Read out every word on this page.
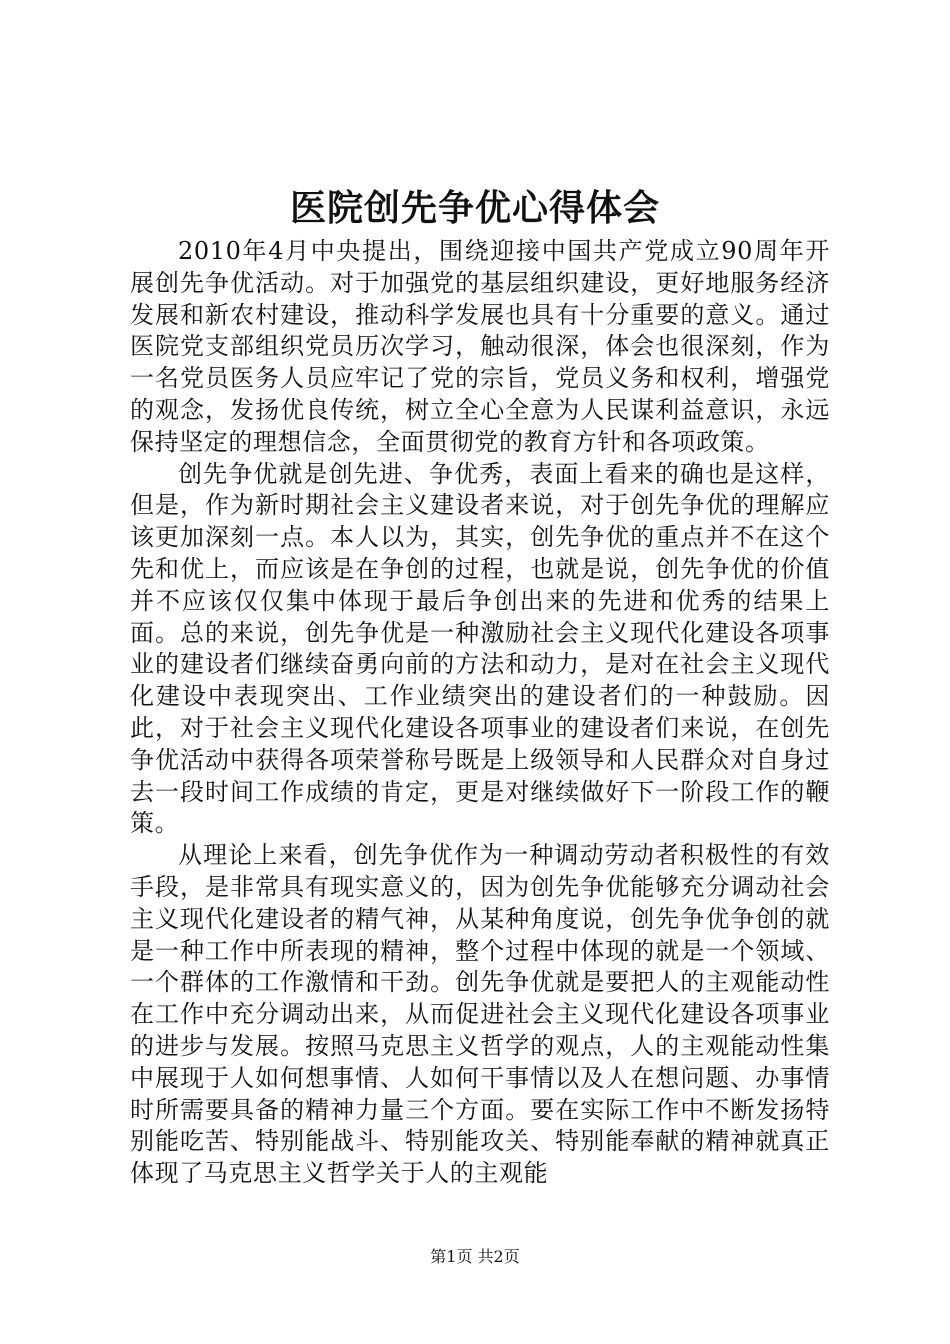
医院创先争优心得体会

2010年4月中央提出，围绕迎接中国共产党成立90周年开展创先争优活动。对于加强党的基层组织建设，更好地服务经济发展和新农村建设，推动科学发展也具有十分重要的意义。通过医院党支部组织党员历次学习，触动很深，体会也很深刻，作为一名党员医务人员应牢记了党的宗旨，党员义务和权利，增强党的观念，发扬优良传统，树立全心全意为人民谋利益意识，永远保持坚定的理想信念，全面贯彻党的教育方针和各项政策。

创先争优就是创先进、争优秀，表面上看来的确也是这样，但是，作为新时期社会主义建设者来说，对于创先争优的理解应该更加深刻一点。本人以为，其实，创先争优的重点并不在这个先和优上，而应该是在争创的过程，也就是说，创先争优的价值并不应该仅仅集中体现于最后争创出来的先进和优秀的结果上面。总的来说，创先争优是一种激励社会主义现代化建设各项事业的建设者们继续奋勇向前的方法和动力，是对在社会主义现代化建设中表现突出、工作业绩突出的建设者们的一种鼓励。因此，对于社会主义现代化建设各项事业的建设者们来说，在创先争优活动中获得各项荣誉称号既是上级领导和人民群众对自身过去一段时间工作成绩的肯定，更是对继续做好下一阶段工作的鞭策。

从理论上来看，创先争优作为一种调动劳动者积极性的有效手段，是非常具有现实意义的，因为创先争优能够充分调动社会主义现代化建设者的精气神，从某种角度说，创先争优争创的就是一种工作中所表现的精神，整个过程中体现的就是一个领域、一个群体的工作激情和干劲。创先争优就是要把人的主观能动性在工作中充分调动出来，从而促进社会主义现代化建设各项事业的进步与发展。按照马克思主义哲学的观点，人的主观能动性集中展现于人如何想事情、人如何干事情以及人在想问题、办事情时所需要具备的精神力量三个方面。要在实际工作中不断发扬特别能吃苦、特别能战斗、特别能攻关、特别能奉献的精神就真正体现了马克思主义哲学关于人的主观能

第1页 共2页
